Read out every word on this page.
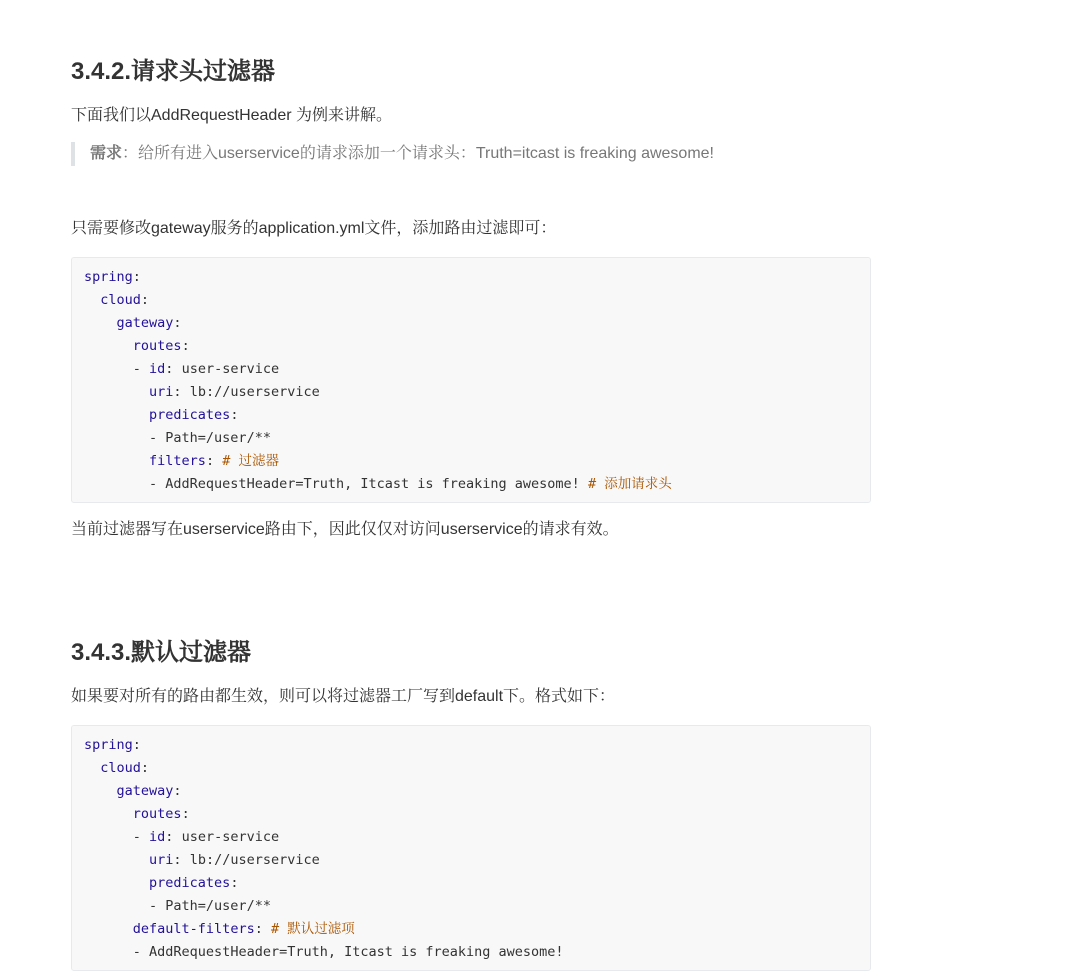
3.4.2.请求头过滤器

下面我们以AddRequestHeader 为例来讲解。

需求：给所有进入userservice的请求添加一个请求头：Truth=itcast is freaking awesome!

只需要修改gateway服务的application.yml文件，添加路由过滤即可：

spring:
cloud:
gateway:
routes:
- id: user-service
uri: lb://userservice
predicates:
- Path=/user/**
filters: # 过滤器
- AddRequestHeader=Truth, Itcast is freaking awesome! # 添加请求头

当前过滤器写在userservice路由下，因此仅仅对访问userservice的请求有效。

3.4.3.默认过滤器

如果要对所有的路由都生效，则可以将过滤器工厂写到default下。格式如下：

spring:
cloud:
gateway:
routes:
- id: user-service
uri: lb://userservice
predicates:
- Path=/user/**
default-filters: # 默认过滤项
- AddRequestHeader=Truth, Itcast is freaking awesome!
